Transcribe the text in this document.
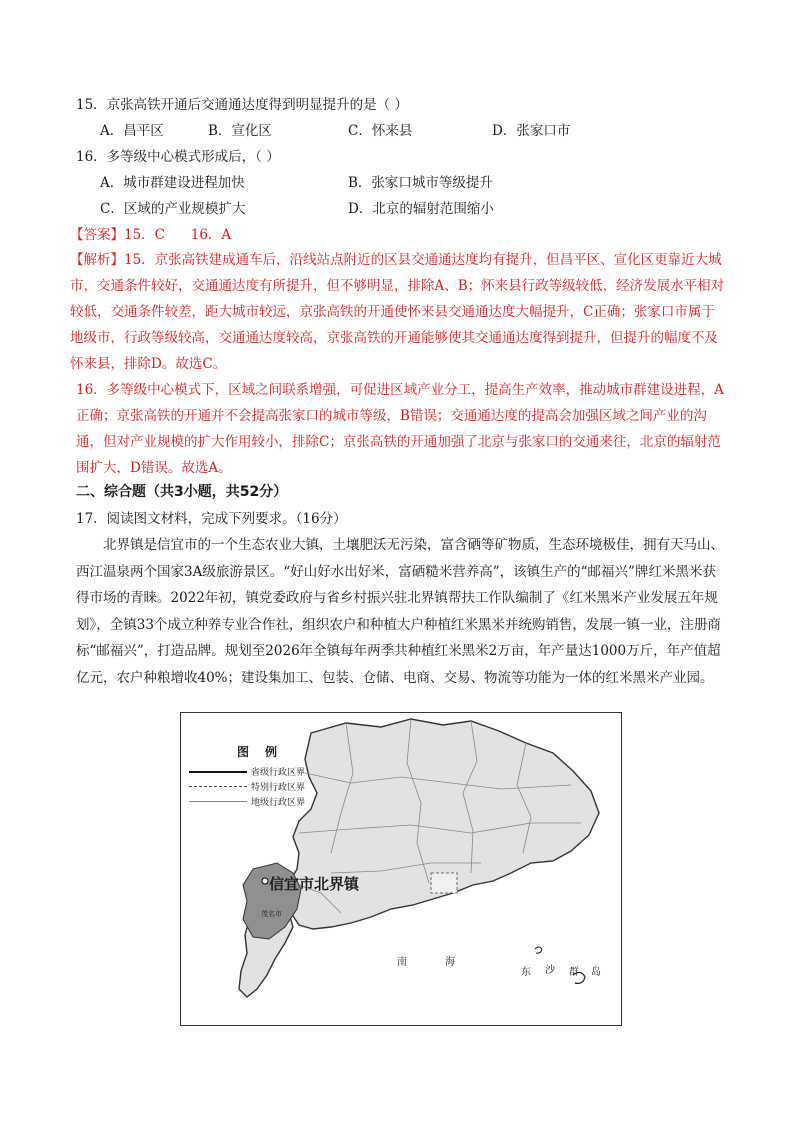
15．京张高铁开通后交通通达度得到明显提升的是（ ）
A．昌平区	B．宣化区	C．怀来县	D．张家口市
16．多等级中心模式形成后，（ ）
A．城市群建设进程加快	B．张家口城市等级提升
C．区域的产业规模扩大	D．北京的辐射范围缩小
【答案】15．C      16．A
【解析】15．京张高铁建成通车后，沿线站点附近的区县交通通达度均有提升，但昌平区、宣化区更靠近大城市，交通条件较好，交通通达度有所提升，但不够明显，排除A、B；怀来县行政等级较低，经济发展水平相对较低，交通条件较差，距大城市较远，京张高铁的开通使怀来县交通通达度大幅提升，C正确；张家口市属于地级市，行政等级较高，交通通达度较高，京张高铁的开通能够使其交通通达度得到提升，但提升的幅度不及怀来县，排除D。故选C。
16．多等级中心模式下，区域之间联系增强，可促进区域产业分工，提高生产效率，推动城市群建设进程，A正确；京张高铁的开通并不会提高张家口的城市等级，B错误；交通通达度的提高会加强区域之间产业的沟通，但对产业规模的扩大作用较小，排除C；京张高铁的开通加强了北京与张家口的交通来往，北京的辐射范围扩大，D错误。故选A。
二、综合题（共3小题，共52分）
17．阅读图文材料，完成下列要求。（16分）
北界镇是信宜市的一个生态农业大镇，土壤肥沃无污染，富含硒等矿物质，生态环境极佳，拥有天马山、西江温泉两个国家3A级旅游景区。“好山好水出好米，富硒糙米营养高”，该镇生产的“邮福兴”牌红米黑米获得市场的青睐。2022年初，镇党委政府与省乡村振兴驻北界镇帮扶工作队编制了《红米黑米产业发展五年规划》，全镇33个成立种养专业合作社，组织农户和种植大户种植红米黑米并统购销售，发展一镇一业，注册商标“邮福兴”，打造品牌。规划至2026年全镇每年两季共种植红米黑米2万亩，年产量达1000万斤，年产值超亿元，农户种粮增收40%；建设集加工、包装、仓储、电商、交易、物流等功能为一体的红米黑米产业园。
图例
省级行政区界
特别行政区界
地级行政区界
信宜市北界镇
茂名市
南	海
东 沙 群 岛
